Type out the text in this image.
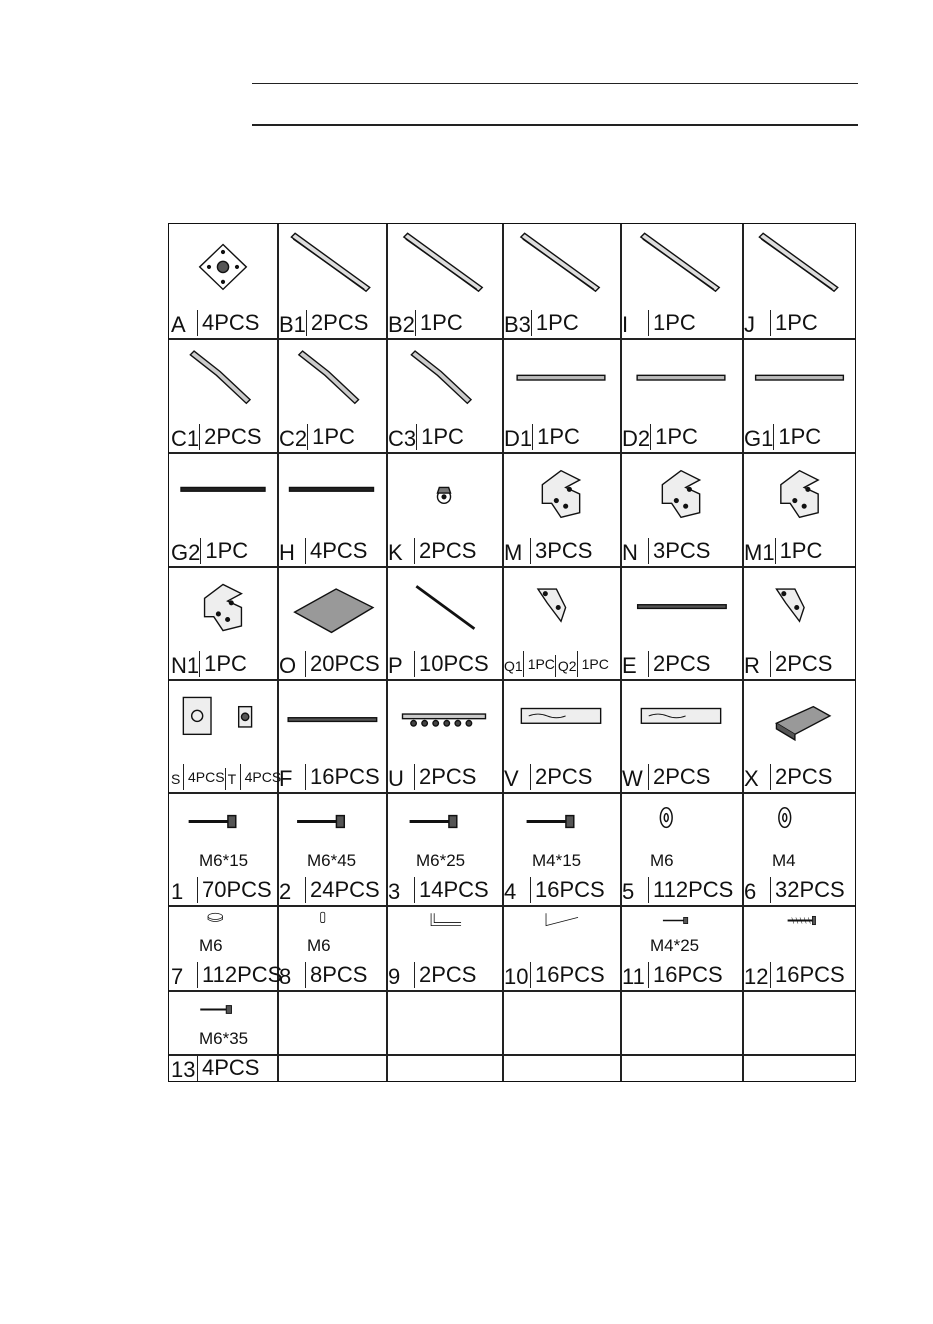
A 4PCS B1 2PCS B2 1PC B3 1PC I	1PC J 1PC
C1 2PCS C2 1PC C3 1PC D1 1PC D2 1PC G1 1PC
G2 1PC H 4PCS K 2PCS M 3PCS N 3PCS M1 1PC
N1 1PC O 20PCS P 10PCS Q1 1PC Q2 1PC E 2PCS R 2PCS
S 4PCS T 4PCS
F 16PCS U 2PCS V 2PCS W 2PCS X 2PCS
M6*15
1 70PCS
M6*45
2 24PCS
M6*25
3 14PCS
M4*15
4 16PCS
M6
5 112PCS
M4
6 32PCS
M6
7 112PCS
M6
8 8PCS 9 2PCS 10 16PCS
M4*25
11 16PCS 12 16PCS
M6*35
13 4PCS
